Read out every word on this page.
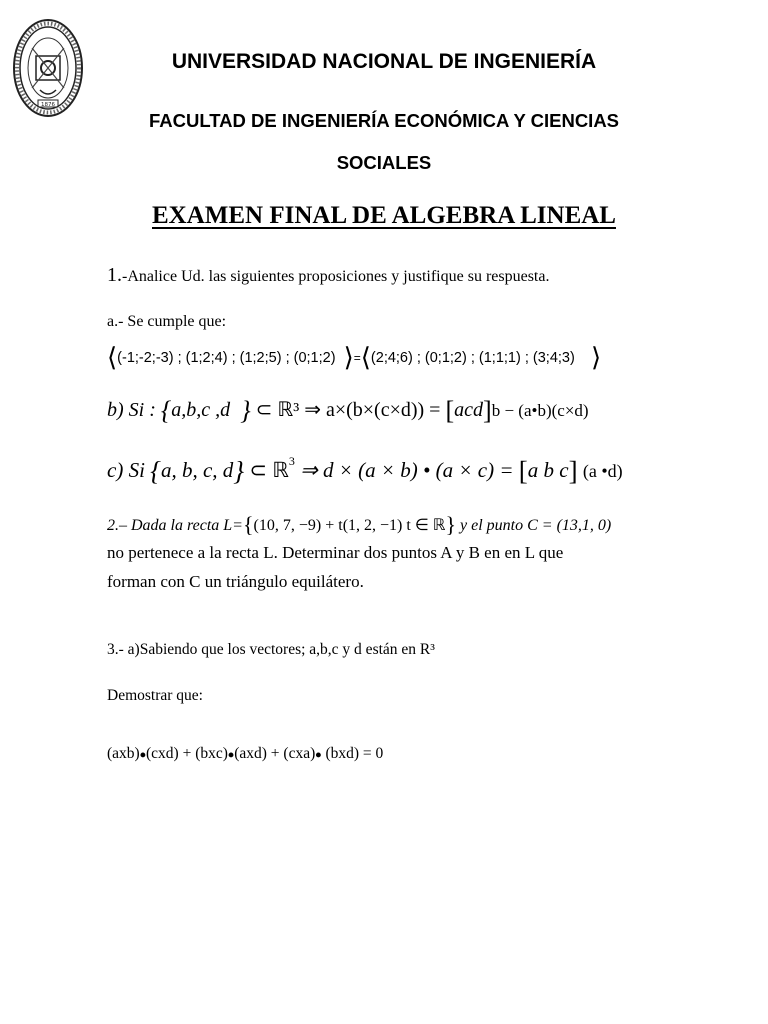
1876
UNIVERSIDAD NACIONAL DE INGENIERÍA
FACULTAD DE INGENIERÍA ECONÓMICA Y CIENCIAS
SOCIALES
EXAMEN FINAL DE ALGEBRA LINEAL
1.-Analice Ud. las siguientes proposiciones y justifique su respuesta.
a.- Se cumple que:
⟨(-1;-2;-3) ; (1;2;4) ; (1;2;5) ; (0;1;2) ⟩=⟨(2;4;6) ; (0;1;2) ; (1;1;1) ; (3;4;3) ⟩
b) Si : {a,b,c ,d } ⊂ ℝ³ ⇒ a×(b×(c×d)) = [acd]b − (a•b)(c×d)
c) Si {a, b, c, d} ⊂ ℝ$^3$ ⇒ d × (a × b) • (a × c) = [a b c] (a •d)
2.– Dada la recta L={(10, 7, −9) + t(1, 2, −1) t ∈ ℝ} y el punto C = (13,1, 0)
no pertenece a la recta L. Determinar dos puntos A y B en en L que
forman con C un triángulo equilátero.
3.- a)Sabiendo que los vectores; a,b,c y d están en R³
Demostrar que:
(axb)•(cxd) + (bxc)•(axd) + (cxa)• (bxd) = 0
